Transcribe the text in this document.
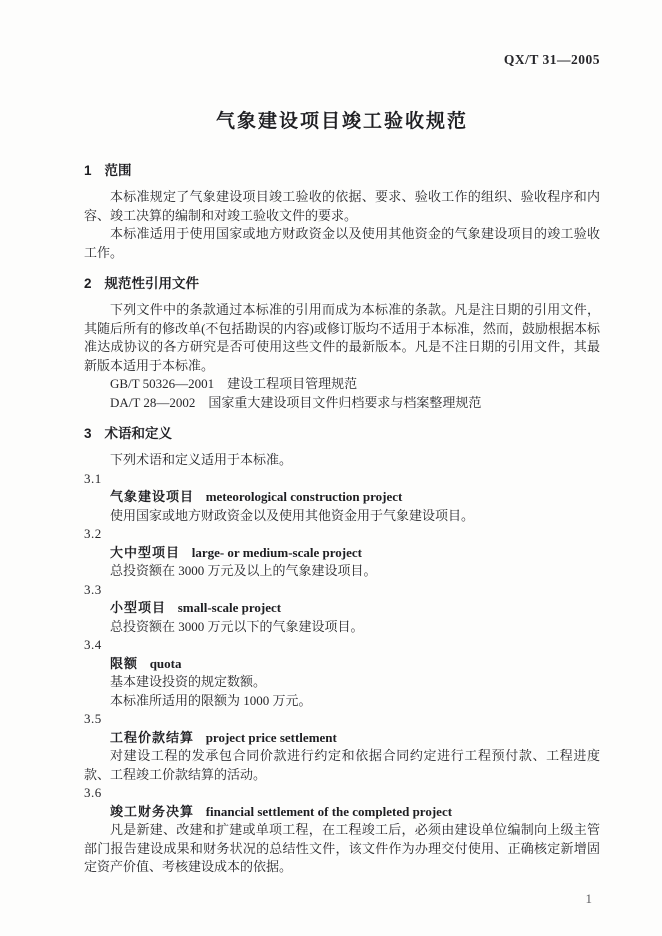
QX/T 31—2005
气象建设项目竣工验收规范
1 范围

本标准规定了气象建设项目竣工验收的依据、要求、验收工作的组织、验收程序和内容、竣工决算的编制和对竣工验收文件的要求。

本标准适用于使用国家或地方财政资金以及使用其他资金的气象建设项目的竣工验收工作。

2 规范性引用文件

下列文件中的条款通过本标准的引用而成为本标准的条款。凡是注日期的引用文件，其随后所有的修改单(不包括勘误的内容)或修订版均不适用于本标准，然而，鼓励根据本标准达成协议的各方研究是否可使用这些文件的最新版本。凡是不注日期的引用文件，其最新版本适用于本标准。

GB/T 50326—2001　建设工程项目管理规范

DA/T 28—2002　国家重大建设项目文件归档要求与档案整理规范

3 术语和定义

下列术语和定义适用于本标准。

3.1

气象建设项目 meteorological construction project

使用国家或地方财政资金以及使用其他资金用于气象建设项目。

3.2

大中型项目 large- or medium-scale project

总投资额在 3000 万元及以上的气象建设项目。

3.3

小型项目 small-scale project

总投资额在 3000 万元以下的气象建设项目。

3.4

限额 quota

基本建设投资的规定数额。

本标准所适用的限额为 1000 万元。

3.5

工程价款结算 project price settlement

对建设工程的发承包合同价款进行约定和依据合同约定进行工程预付款、工程进度款、工程竣工价款结算的活动。

3.6

竣工财务决算 financial settlement of the completed project

凡是新建、改建和扩建或单项工程，在工程竣工后，必须由建设单位编制向上级主管部门报告建设成果和财务状况的总结性文件，该文件作为办理交付使用、正确核定新增固定资产价值、考核建设成本的依据。

1
